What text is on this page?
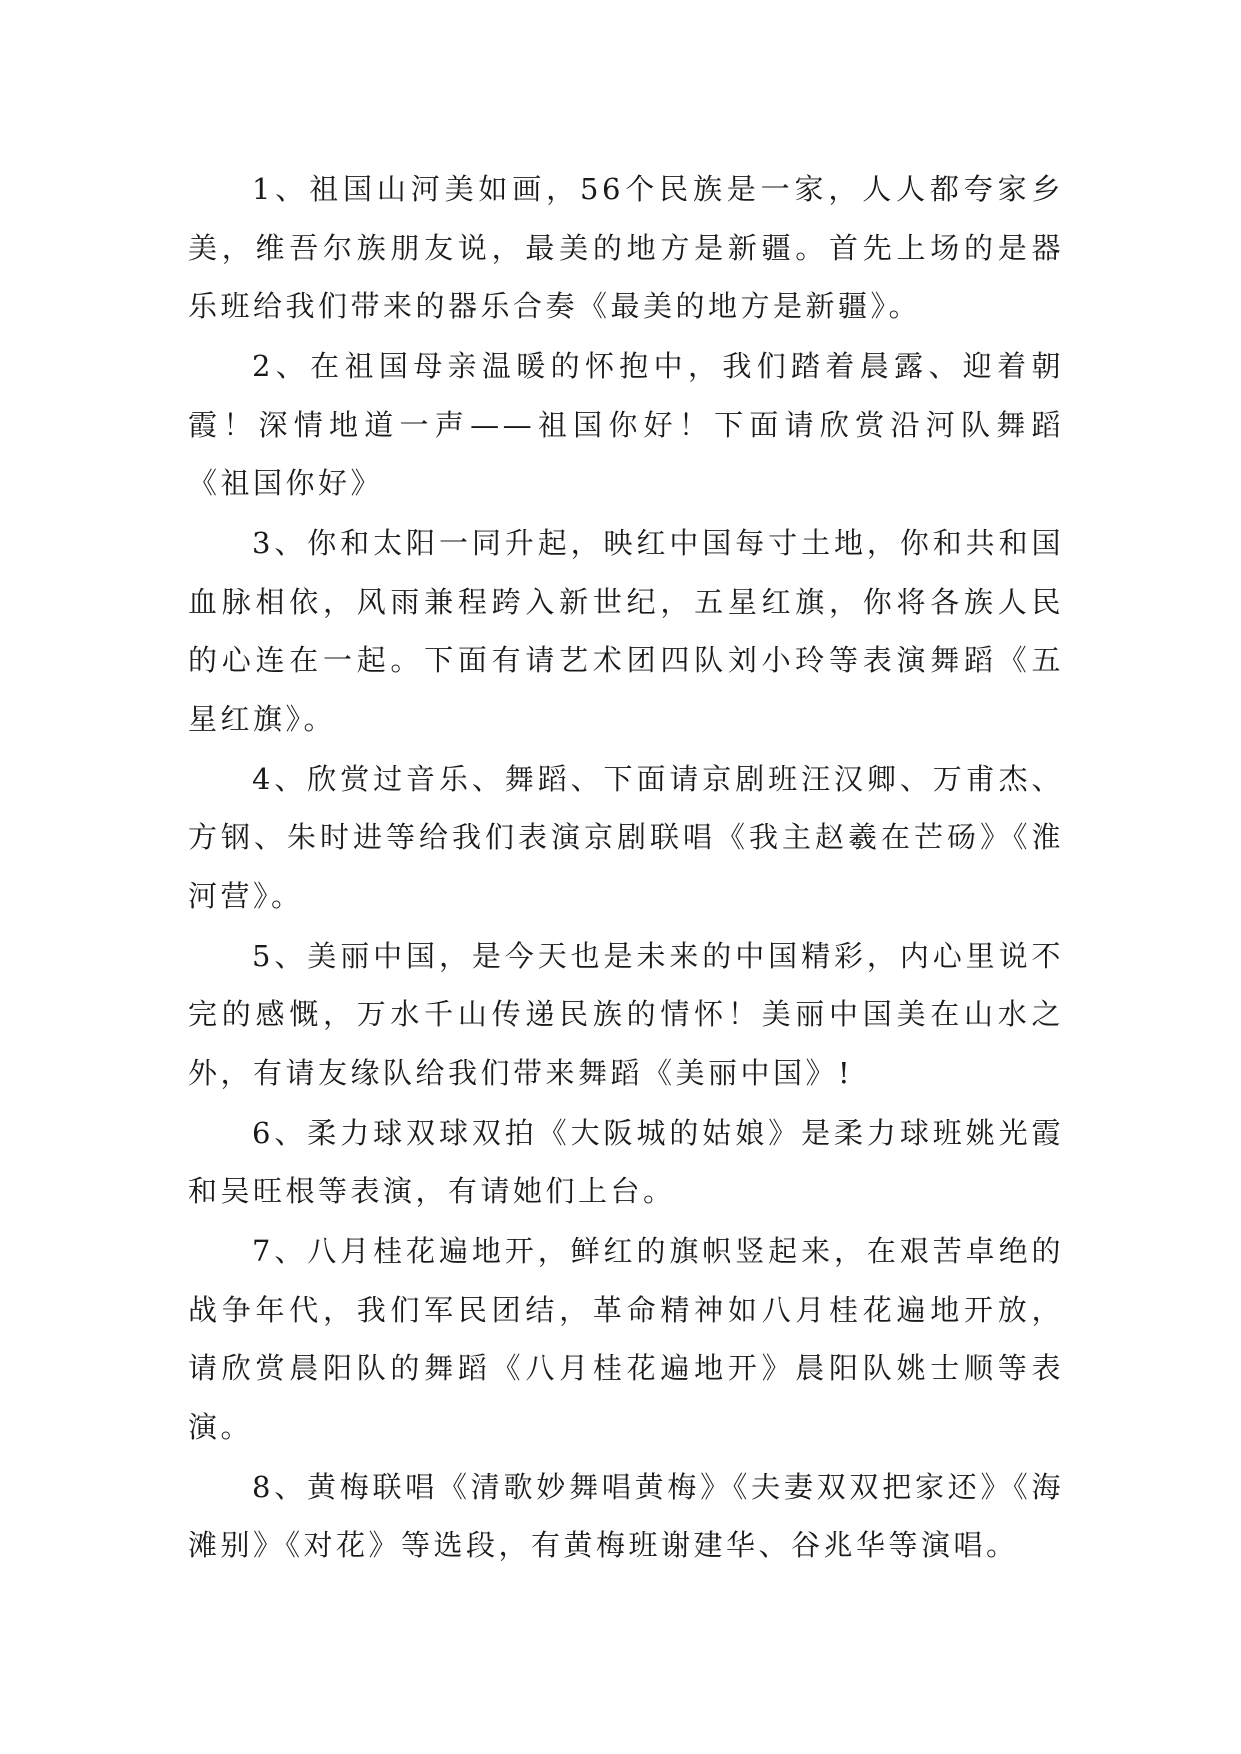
1、祖国山河美如画，56个民族是一家，人人都夸家乡美，维吾尔族朋友说，最美的地方是新疆。首先上场的是器乐班给我们带来的器乐合奏《最美的地方是新疆》。

2、在祖国母亲温暖的怀抱中，我们踏着晨露、迎着朝霞！深情地道一声——祖国你好！下面请欣赏沿河队舞蹈《祖国你好》

3、你和太阳一同升起，映红中国每寸土地，你和共和国血脉相依，风雨兼程跨入新世纪，五星红旗，你将各族人民的心连在一起。下面有请艺术团四队刘小玲等表演舞蹈《五星红旗》。

4、欣赏过音乐、舞蹈、下面请京剧班汪汉卿、万甫杰、方钢、朱时进等给我们表演京剧联唱《我主赵羲在芒砀》《淮河营》。

5、美丽中国，是今天也是未来的中国精彩，内心里说不完的感慨，万水千山传递民族的情怀！美丽中国美在山水之外，有请友缘队给我们带来舞蹈《美丽中国》!

6、柔力球双球双拍《大阪城的姑娘》是柔力球班姚光霞和吴旺根等表演，有请她们上台。

7、八月桂花遍地开，鲜红的旗帜竖起来，在艰苦卓绝的战争年代，我们军民团结，革命精神如八月桂花遍地开放，请欣赏晨阳队的舞蹈《八月桂花遍地开》晨阳队姚士顺等表演。

8、黄梅联唱《清歌妙舞唱黄梅》《夫妻双双把家还》《海滩别》《对花》等选段，有黄梅班谢建华、谷兆华等演唱。
